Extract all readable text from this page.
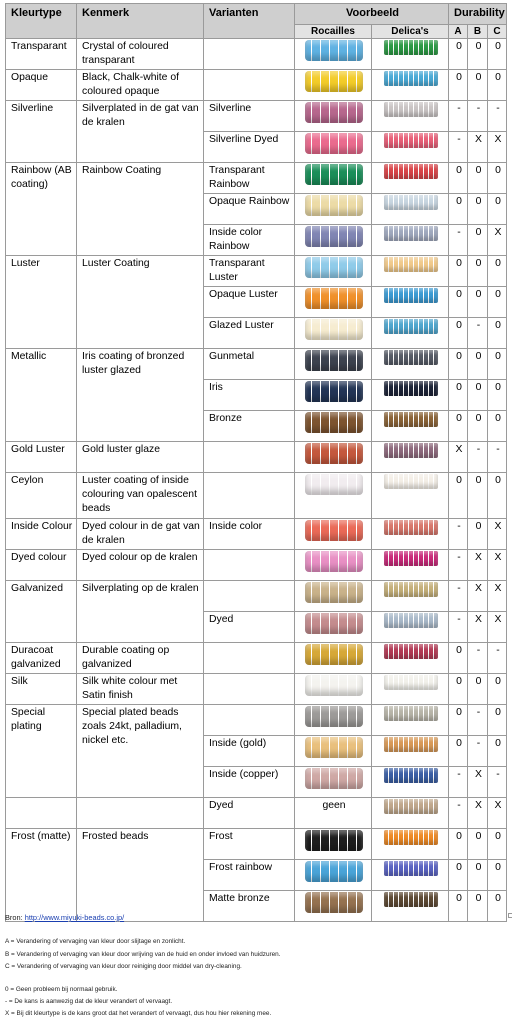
Kleurtype	Kenmerk	Varianten	Voorbeeld		Durability		
			Rocailles	Delica's	A	B	C
Transparant	Crystal of coloured transparant				0	0	0
Opaque	Black, Chalk-white of coloured opaque				0	0	0
Silverline	Silverplated in de gat van de kralen	Silverline			-	-	-
		Silverline Dyed			-	X	X
Rainbow (AB coating)	Rainbow Coating	Transparant Rainbow			0	0	0
		Opaque Rainbow			0	0	0
		Inside color Rainbow			-	0	X
Luster	Luster Coating	Transparant Luster			0	0	0
		Opaque Luster			0	0	0
		Glazed Luster			0	-	0
Metallic	Iris coating of bronzed luster glazed	Gunmetal			0	0	0
		Iris			0	0	0
		Bronze			0	0	0
Gold Luster	Gold luster glaze				X	-	-
Ceylon	Luster coating of inside colouring van opalescent beads				0	0	0
Inside Colour	Dyed colour in de gat van de kralen	Inside color			-	0	X
Dyed colour	Dyed colour op de kralen				-	X	X
Galvanized	Silverplating op de kralen				-	X	X
		Dyed			-	X	X
Duracoat galvanized	Durable coating op galvanized				0	-	-
Silk	Silk white colour met Satin finish				0	0	0
Special plating	Special plated beads zoals 24kt, palladium, nickel etc.				0	-	0
		Inside (gold)			0	-	0
		Inside (copper)			-	X	-
		Dyed	geen		-	X	X
Frost (matte)	Frosted beads	Frost			0	0	0
		Frost rainbow			0	0	0
		Matte bronze			0	0	0
Bron: http://www.miyuki-beads.co.jp/
A = Verandering of vervaging van kleur door slijtage en zonlicht.
B = Verandering of vervaging van kleur door wrijving van de huid en onder invloed van huidzuren.
C = Verandering of vervaging van kleur door reiniging door middel van dry-cleaning.
0 = Geen probleem bij normaal gebruik.
- = De kans is aanwezig dat de kleur verandert of vervaagt.
X = Bij dit kleurtype is de kans groot dat het verandert of vervaagt, dus hou hier rekening mee.
